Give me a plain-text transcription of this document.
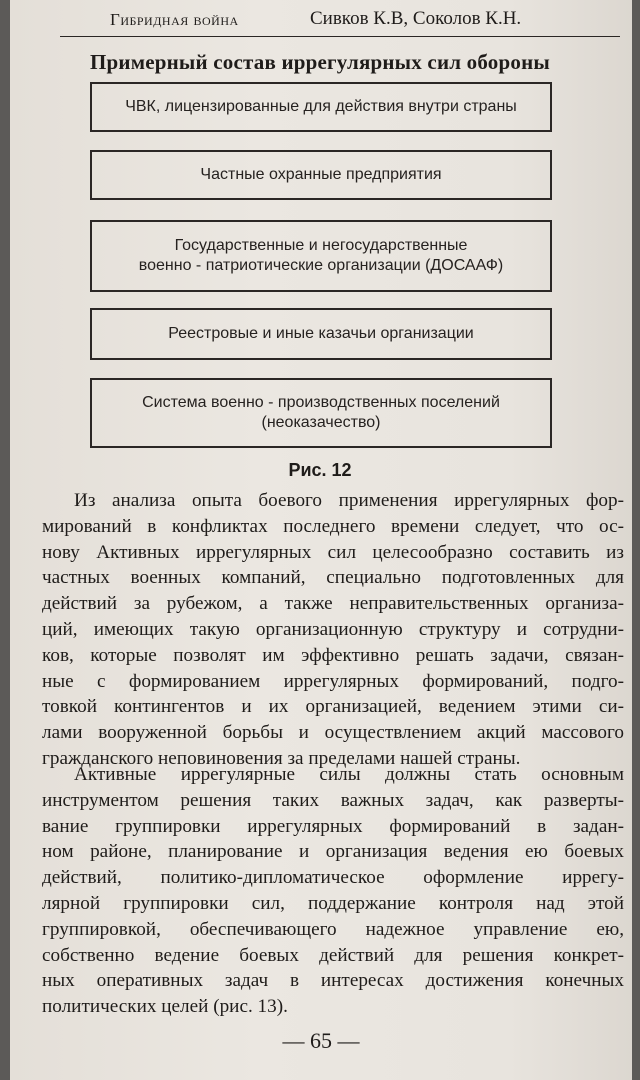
Гибридная война	Сивков К.В, Соколов К.Н.
Примерный состав иррегулярных сил обороны
ЧВК, лицензированные для действия внутри страны
Частные охранные предприятия
Государственные и негосударственные
военно - патриотические организации (ДОСААФ)
Реестровые и иные казачьи организации
Система военно - производственных поселений
(неоказачество)
Рис. 12
Из анализа опыта боевого применения иррегулярных фор-
мирований в конфликтах последнего времени следует, что ос-
нову Активных иррегулярных сил целесообразно составить из
частных военных компаний, специально подготовленных для
действий за рубежом, а также неправительственных организа-
ций, имеющих такую организационную структуру и сотрудни-
ков, которые позволят им эффективно решать задачи, связан-
ные с формированием иррегулярных формирований, подго-
товкой контингентов и их организацией, ведением этими си-
лами вооруженной борьбы и осуществлением акций массового
гражданского неповиновения за пределами нашей страны.
Активные иррегулярные силы должны стать основным
инструментом решения таких важных задач, как разверты-
вание группировки иррегулярных формирований в задан-
ном районе, планирование и организация ведения ею боевых
действий, политико-дипломатическое оформление иррегу-
лярной группировки сил, поддержание контроля над этой
группировкой, обеспечивающего надежное управление ею,
собственно ведение боевых действий для решения конкрет-
ных оперативных задач в интересах достижения конечных
политических целей (рис. 13).
— 65 —
